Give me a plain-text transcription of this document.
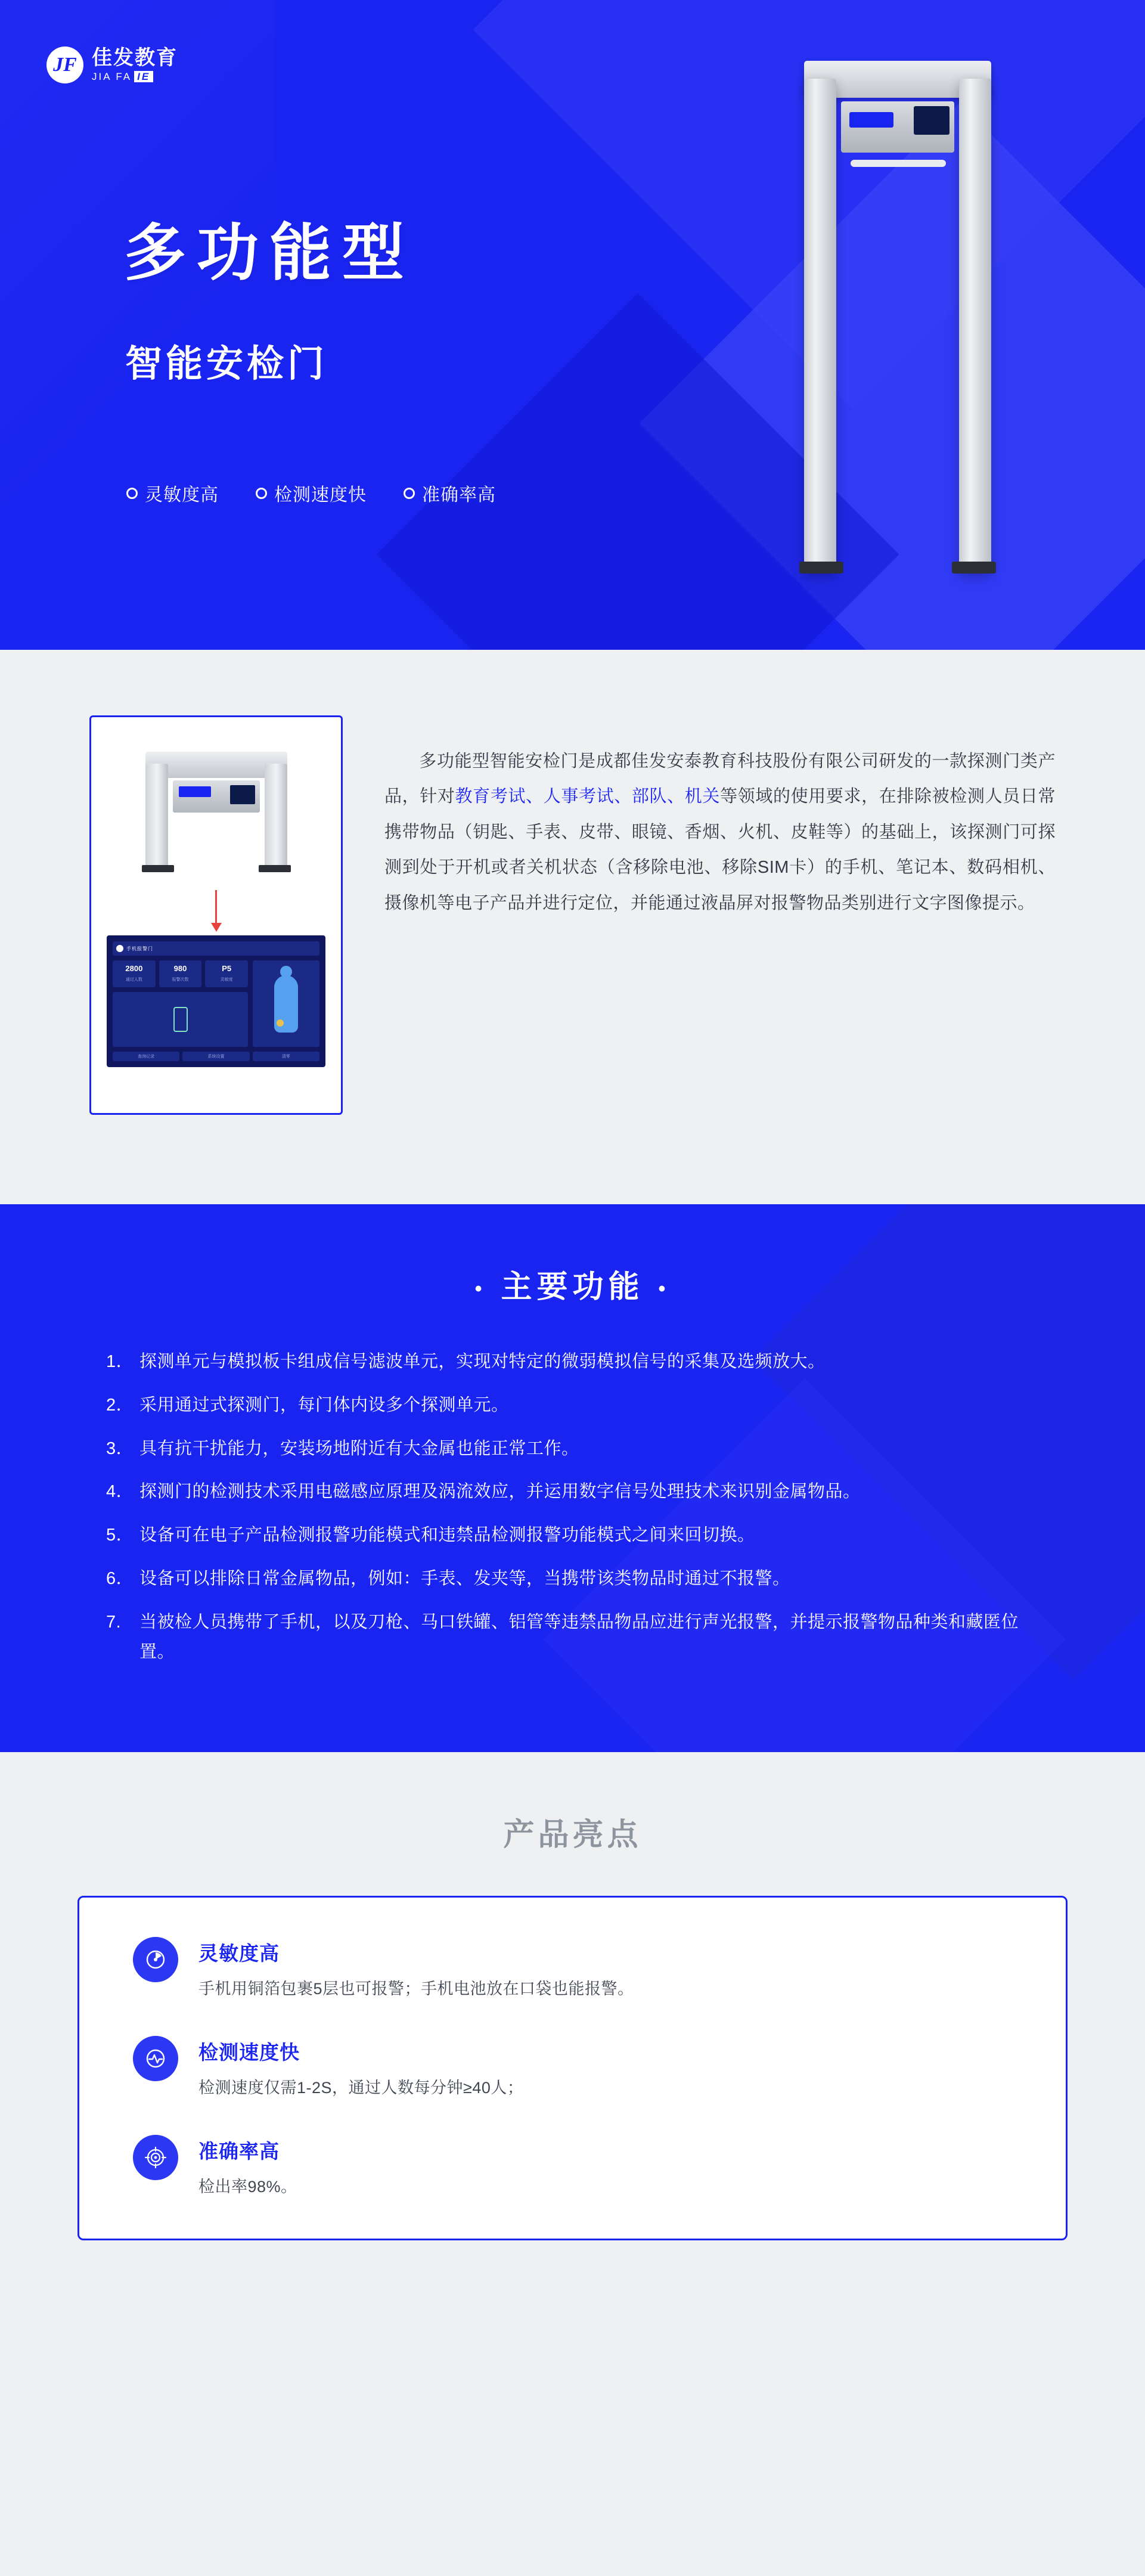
JF 佳发教育
JIA FA IE
多功能型
智能安检门
灵敏度高	检测速度快	准确率高
手机报警门
2800
通过人数
980
报警次数
P5
灵敏度
查询记录	系统设置	清零
多功能型智能安检门是成都佳发安泰教育科技股份有限公司研发的一款探测门类产品，针对教育考试、人事考试、部队、机关等领域的使用要求，在排除被检测人员日常携带物品（钥匙、手表、皮带、眼镜、香烟、火机、皮鞋等）的基础上，该探测门可探测到处于开机或者关机状态（含移除电池、移除SIM卡）的手机、笔记本、数码相机、摄像机等电子产品并进行定位，并能通过液晶屏对报警物品类别进行文字图像提示。
• 主要功能 •
1． 探测单元与模拟板卡组成信号滤波单元，实现对特定的微弱模拟信号的采集及选频放大。
2． 采用通过式探测门，每门体内设多个探测单元。
3． 具有抗干扰能力，安装场地附近有大金属也能正常工作。
4． 探测门的检测技术采用电磁感应原理及涡流效应，并运用数字信号处理技术来识别金属物品。
5． 设备可在电子产品检测报警功能模式和违禁品检测报警功能模式之间来回切换。
6． 设备可以排除日常金属物品，例如：手表、发夹等，当携带该类物品时通过不报警。
7.	当被检人员携带了手机，以及刀枪、马口铁罐、铝管等违禁品物品应进行声光报警，并提示报警物品种类和藏匿位置。
产品亮点
灵敏度高
手机用铜箔包裹5层也可报警；手机电池放在口袋也能报警。
检测速度快
检测速度仅需1-2S，通过人数每分钟≥40人；
准确率高
检出率98%。
